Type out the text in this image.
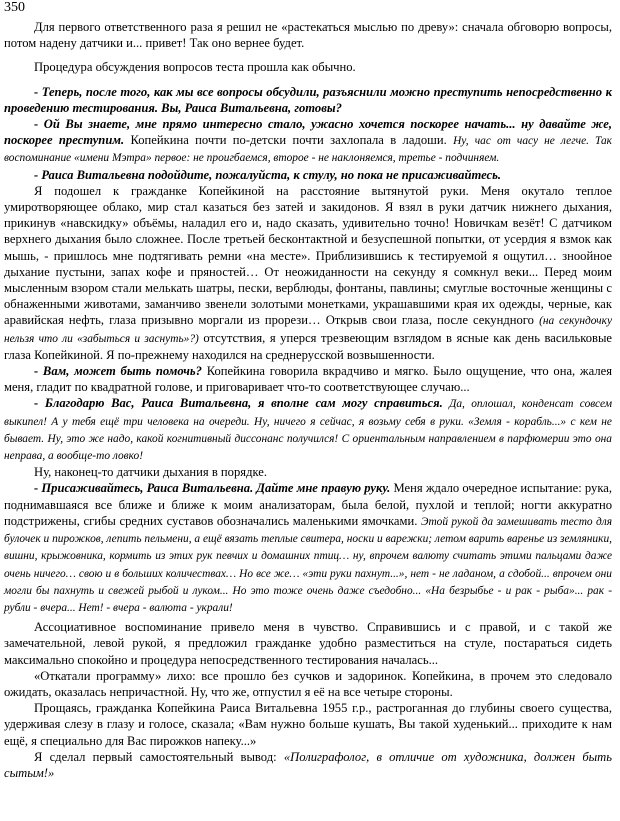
350

Для первого ответственного раза я решил не «растекаться мыслью по древу»: сначала обговорю вопросы, потом надену датчики и... привет! Так оно вернее будет.

Процедура обсуждения вопросов теста прошла как обычно.

- Теперь, после того, как мы все вопросы обсудили, разъяснили можно преступить непосредственно к проведению тестирования. Вы, Раиса Витальевна, готовы?

- Ой Вы знаете, мне прямо интересно стало, ужасно хочется поскорее начать... ну давайте же, поскорее преступим. Копейкина почти по-детски почти захлопала в ладоши. Ну, час от часу не легче. Так воспоминание «имени Мэтра» первое: не проигбаемся, второе - не наклоняемся, третье - подчиняем.

- Раиса Витальевна подойдите, пожалуйста, к стулу, но пока не присаживайтесь.

Я подошел к гражданке Копейкиной на расстояние вытянутой руки. Меня окутало теплое умиротворяющее облако, мир стал казаться без затей и закидонов. Я взял в руки датчик нижнего дыхания, прикинув «навскидку» объёмы, наладил его и, надо сказать, удивительно точно! Новичкам везёт! С датчиком верхнего дыхания было сложнее. После третьей бесконтактной и безуспешной попытки, от усердия я взмок как мышь, - пришлось мне подтягивать ремни «на месте». Приблизившись к тестируемой я ощутил… зноойное дыхание пустыни, запах кофе и пряностей… От неожиданности на секунду я сомкнул веки... Перед моим мысленным взором стали мелькать шатры, пески, верблюды, фонтаны, павлины; смуглые восточные женщины с обнаженными животами, заманчиво звенели золотыми монетками, украшавшими края их одежды, черные, как аравийская нефть, глаза призывно моргали из прорези… Открыв свои глаза, после секундного (на секундочку нельзя что ли «забыться и заснуть»?) отсутствия, я уперся трезвеющим взглядом в ясные как день васильковые глаза Копейкиной. Я по-прежнему находился на среднерусской возвышенности.

- Вам, может быть помочь? Копейкина говорила вкрадчиво и мягко. Было ощущение, что она, жалея меня, гладит по квадратной голове, и приговаривает что-то соответствующее случаю...

- Благодарю Вас, Раиса Витальевна, я вполне сам могу справиться. Да, оплошал, конденсат совсем выкипел! А у тебя ещё три человека на очереди. Ну, ничего я сейчас, я возьму себя в руки. «Земля - корабль...» с кем не бывает. Ну, это же надо, какой когнитивный диссонанс получился! С ориентальным направлением в парфюмерии это она неправа, а вообще-то ловко!

Ну, наконец-то датчики дыхания в порядке.

- Присаживайтесь, Раиса Витальевна. Дайте мне правую руку. Меня ждало очередное испытание: рука, поднимавшаяся все ближе и ближе к моим анализаторам, была белой, пухлой и теплой; ногти аккуратно подстрижены, сгибы средних суставов обозначались маленькими ямочками. Этой рукой да замешивать тесто для булочек и пирожков, лепить пельмени, а ещё вязать теплые свитера, носки и варежки; летом варить варенье из земляники, вишни, крыжовника, кормить из этих рук певчих и домашних птиц… ну, впрочем валюту считать этими пальцами даже очень ничего… свою и в больших количествах… Но все же… «эти руки пахнут...», нет - не ладаном, а сдобой... впрочем они могли бы пахнуть и свежей рыбой и луком... Но это тоже очень даже съедобно... «На безрыбье - и рак - рыба»... рак - рубли - вчера... Нет! - вчера - валюта - украли!

Ассоциативное воспоминание привело меня в чувство. Справившись и с правой, и с такой же замечательной, левой рукой, я предложил гражданке удобно разместиться на стуле, постараться сидеть максимально спокойно и процедура непосредственного тестирования началась...

«Откатали программу» лихо: все прошло без сучков и задоринок. Копейкина, в прочем это следовало ожидать, оказалась непричастной. Ну, что же, отпустил я её на все четыре стороны.

Прощаясь, гражданка Копейкина Раиса Витальевна 1955 г.р., растроганная до глубины своего существа, удерживая слезу в глазу и голосе, сказала; «Вам нужно больше кушать, Вы такой худенький... приходите к нам ещё, я специально для Вас пирожков напеку...»

Я сделал первый самостоятельный вывод: «Полиграфолог, в отличие от художника, должен быть сытым!»
